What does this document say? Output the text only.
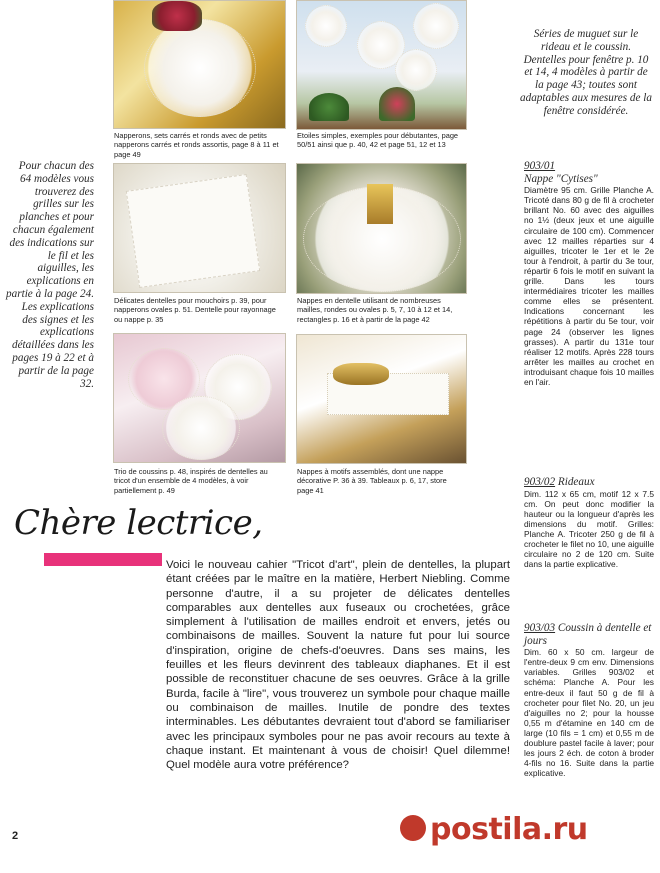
Napperons, sets carrés et ronds avec de petits napperons carrés et ronds assortis, page 8 à 11 et page 49
Etoiles simples, exemples pour débutantes, page 50/51 ainsi que p. 40, 42 et page 51, 12 et 13
Délicates dentelles pour mouchoirs p. 39, pour napperons ovales p. 51. Dentelle pour rayonnage ou nappe p. 35
Nappes en dentelle utilisant de nombreuses mailles, rondes ou ovales p. 5, 7, 10 à 12 et 14, rectangles p. 16 et à partir de la page 42
Trio de coussins p. 48, inspirés de dentelles au tricot d'un ensemble de 4 modèles, à voir partiellement p. 49
Nappes à motifs assemblés, dont une nappe décorative P. 36 à 39. Tableaux p. 6, 17, store page 41
Pour chacun des 64 modèles vous trouverez des grilles sur les planches et pour chacun également des indications sur le fil et les aiguilles, les explications en partie à la page 24. Les explications des signes et les explications détaillées dans les pages 19 à 22 et à partir de la page 32.
Séries de muguet sur le rideau et le coussin. Dentelles pour fenêtre p. 10 et 14, 4 modèles à partir de la page 43; toutes sont adaptables aux mesures de la fenêtre considérée.
903/01
Nappe "Cytises"
Diamètre 95 cm. Grille Planche A. Tricoté dans 80 g de fil à crocheter brillant No. 60 avec des aiguilles no 1½ (deux jeux et une aiguille circulaire de 100 cm). Commencer avec 12 mailles réparties sur 4 aiguilles, tricoter le 1er et le 2e tour à l'endroit, à partir du 3e tour, répartir 6 fois le motif en suivant la grille. Dans les tours intermédiaires tricoter les mailles comme elles se présentent. Indications concernant les répétitions à partir du 5e tour, voir page 24 (observer les lignes grasses). A partir du 131e tour réaliser 12 motifs. Après 228 tours arrêter les mailles au crochet en introduisant chaque fois 10 mailles en l'air.
903/02 Rideaux
Dim. 112 x 65 cm, motif 12 x 7.5 cm. On peut donc modifier la hauteur ou la longueur d'après les dimensions du motif. Grilles: Planche A. Tricoter 250 g de fil à crocheter le filet no 10, une aiguille circulaire no 2 de 120 cm. Suite dans la partie explicative.
903/03 Coussin à dentelle et jours
Dim. 60 x 50 cm. largeur de l'entre-deux 9 cm env. Dimensions variables. Grilles 903/02 et schéma: Planche A. Pour les entre-deux il faut 50 g de fil à crocheter pour filet No. 20, un jeu d'aiguilles no 2; pour la housse 0,55 m d'étamine en 140 cm de large (10 fils = 1 cm) et 0,55 m de doublure pastel facile à laver; pour les jours 2 éch. de coton à broder 4-fils no 16. Suite dans la partie explicative.
Chère lectrice,
Voici le nouveau cahier "Tricot d'art", plein de dentelles, la plupart étant créées par le maître en la matière, Herbert Niebling. Comme personne d'autre, il a su projeter de délicates dentelles comparables aux dentelles aux fuseaux ou crochetées, grâce simplement à l'utilisation de mailles endroit et envers, jetés ou combinaisons de mailles. Souvent la nature fut pour lui source d'inspiration, origine de chefs-d'oeuvres. Dans ses mains, les feuilles et les fleurs devinrent des tableaux diaphanes. Et il est possible de reconstituer chacune de ses oeuvres. Grâce à la grille Burda, facile à "lire", vous trouverez un symbole pour chaque maille ou combinaison de mailles. Inutile de pondre des textes interminables. Les débutantes devraient tout d'abord se familiariser avec les principaux symboles pour ne pas avoir recours au texte à chaque instant. Et maintenant à vous de choisir! Quel dilemme! Quel modèle aura votre préférence?
2	postila.ru
